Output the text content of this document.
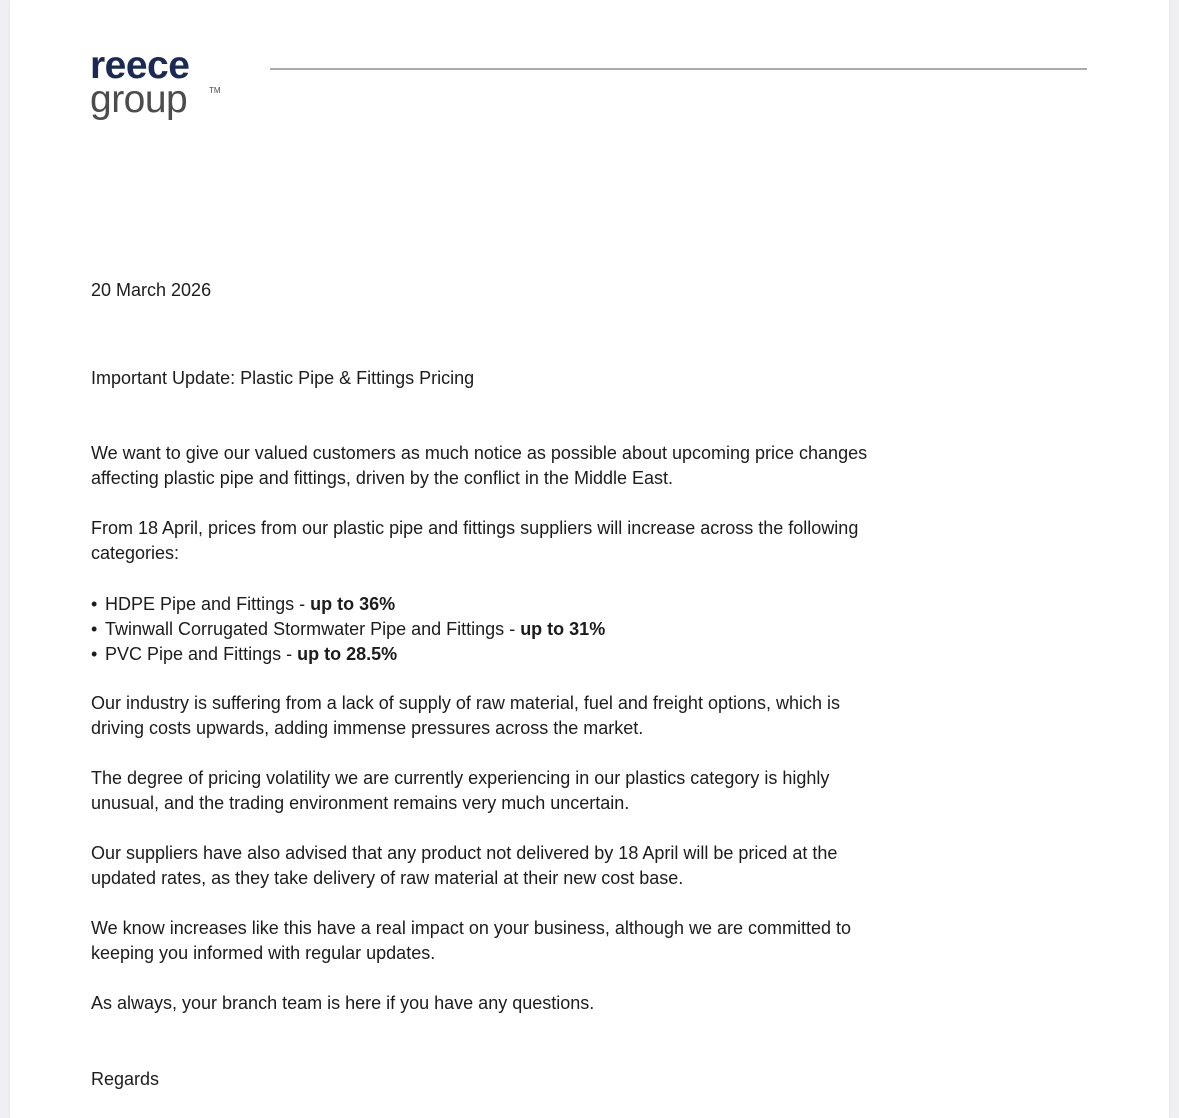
reece
group	TM

20 March 2026

Important Update: Plastic Pipe & Fittings Pricing

We want to give our valued customers as much notice as possible about upcoming price changes

affecting plastic pipe and fittings, driven by the conflict in the Middle East.

From 18 April, prices from our plastic pipe and fittings suppliers will increase across the following

categories:

•HDPE Pipe and Fittings - up to 36%
•Twinwall Corrugated Stormwater Pipe and Fittings - up to 31%
•PVC Pipe and Fittings - up to 28.5%

Our industry is suffering from a lack of supply of raw material, fuel and freight options, which is

driving costs upwards, adding immense pressures across the market.

The degree of pricing volatility we are currently experiencing in our plastics category is highly

unusual, and the trading environment remains very much uncertain.

Our suppliers have also advised that any product not delivered by 18 April will be priced at the

updated rates, as they take delivery of raw material at their new cost base.

We know increases like this have a real impact on your business, although we are committed to

keeping you informed with regular updates.

As always, your branch team is here if you have any questions.

Regards
